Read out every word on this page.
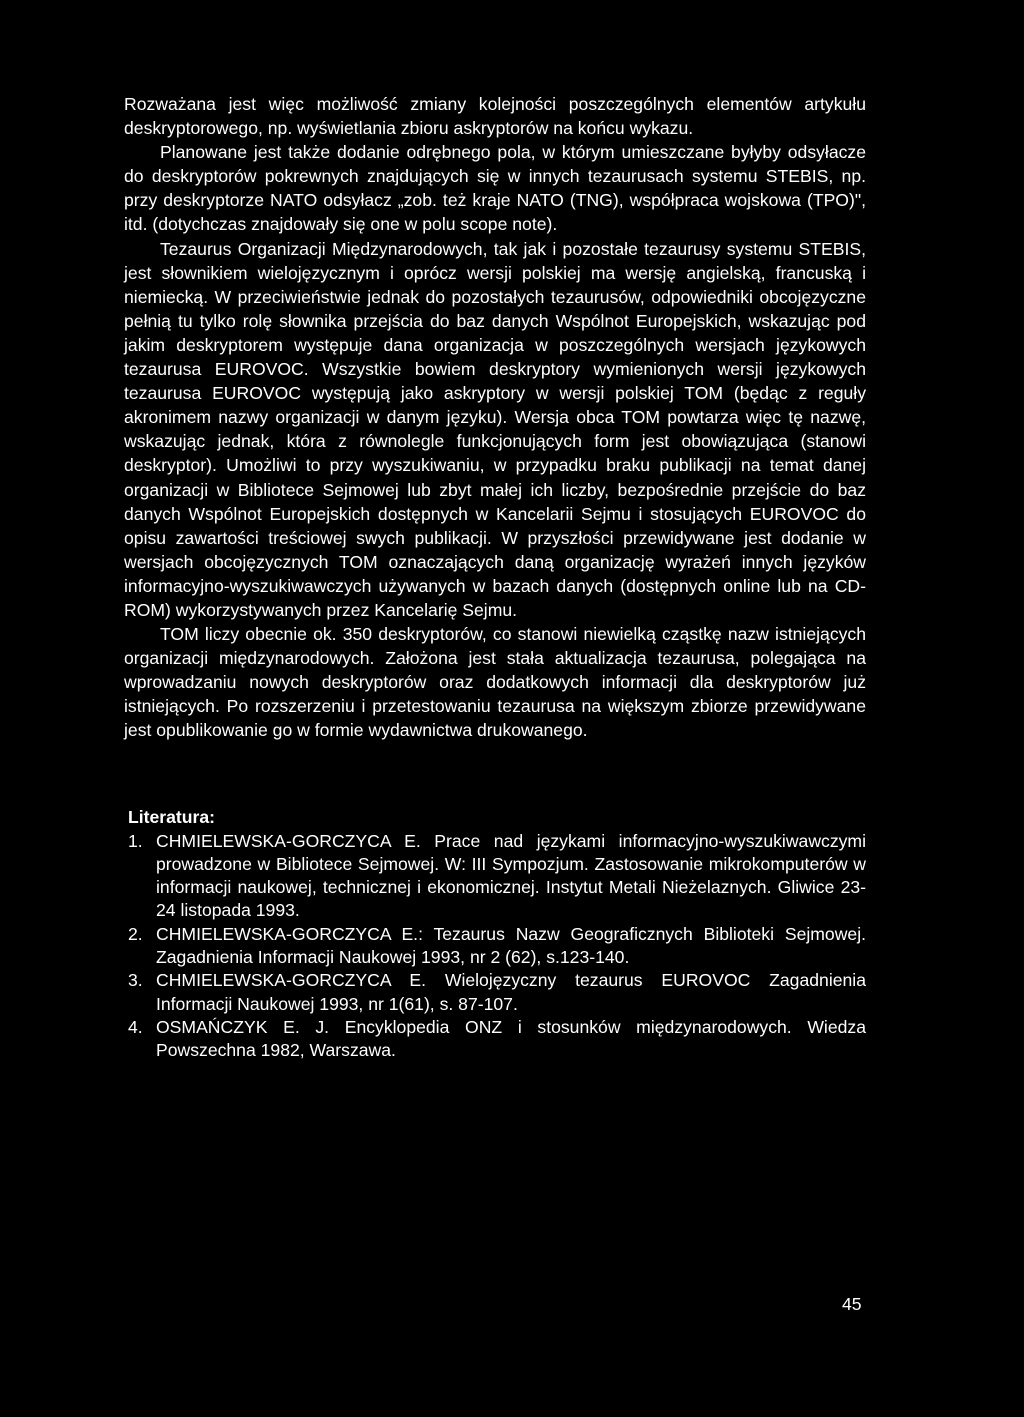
Rozważana jest więc możliwość zmiany kolejności poszczególnych elementów artykułu deskryptorowego, np. wyświetlania zbioru askryptorów na końcu wykazu.

Planowane jest także dodanie odrębnego pola, w którym umieszczane byłyby odsyłacze do deskryptorów pokrewnych znajdujących się w innych tezaurusach systemu STEBIS, np. przy deskryptorze NATO odsyłacz „zob. też kraje NATO (TNG), współpraca wojskowa (TPO)", itd. (dotychczas znajdowały się one w polu scope note).

Tezaurus Organizacji Międzynarodowych, tak jak i pozostałe tezaurusy systemu STEBIS, jest słownikiem wielojęzycznym i oprócz wersji polskiej ma wersję angielską, francuską i niemiecką. W przeciwieństwie jednak do pozostałych tezaurusów, odpowiedniki obcojęzyczne pełnią tu tylko rolę słownika przejścia do baz danych Wspólnot Europejskich, wskazując pod jakim deskryptorem występuje dana organizacja w poszczególnych wersjach językowych tezaurusa EUROVOC. Wszystkie bowiem deskryptory wymienionych wersji językowych tezaurusa EUROVOC występują jako askryptory w wersji polskiej TOM (będąc z reguły akronimem nazwy organizacji w danym języku). Wersja obca TOM powtarza więc tę nazwę, wskazując jednak, która z równolegle funkcjonujących form jest obowiązująca (stanowi deskryptor). Umożliwi to przy wyszukiwaniu, w przypadku braku publikacji na temat danej organizacji w Bibliotece Sejmowej lub zbyt małej ich liczby, bezpośrednie przejście do baz danych Wspólnot Europejskich dostępnych w Kancelarii Sejmu i stosujących EUROVOC do opisu zawartości treściowej swych publikacji. W przyszłości przewidywane jest dodanie w wersjach obcojęzycznych TOM oznaczających daną organizację wyrażeń innych języków informacyjno-wyszukiwawczych używanych w bazach danych (dostępnych online lub na CD-ROM) wykorzystywanych przez Kancelarię Sejmu.

TOM liczy obecnie ok. 350 deskryptorów, co stanowi niewielką cząstkę nazw istniejących organizacji międzynarodowych. Założona jest stała aktualizacja tezaurusa, polegająca na wprowadzaniu nowych deskryptorów oraz dodatkowych informacji dla deskryptorów już istniejących. Po rozszerzeniu i przetestowaniu tezaurusa na większym zbiorze przewidywane jest opublikowanie go w formie wydawnictwa drukowanego.

Literatura:
1. CHMIELEWSKA-GORCZYCA E. Prace nad językami informacyjno-wyszukiwawczymi prowadzone w Bibliotece Sejmowej. W: III Sympozjum. Zastosowanie mikrokomputerów w informacji naukowej, technicznej i ekonomicznej. Instytut Metali Nieżelaznych. Gliwice 23-24 listopada 1993.
2. CHMIELEWSKA-GORCZYCA E.: Tezaurus Nazw Geograficznych Biblioteki Sejmowej. Zagadnienia Informacji Naukowej 1993, nr 2 (62), s.123-140.
3. CHMIELEWSKA-GORCZYCA E. Wielojęzyczny tezaurus EUROVOC Zagadnienia Informacji Naukowej 1993, nr 1(61), s. 87-107.
4. OSMAŃCZYK E. J. Encyklopedia ONZ i stosunków międzynarodowych. Wiedza Powszechna 1982, Warszawa.
45
